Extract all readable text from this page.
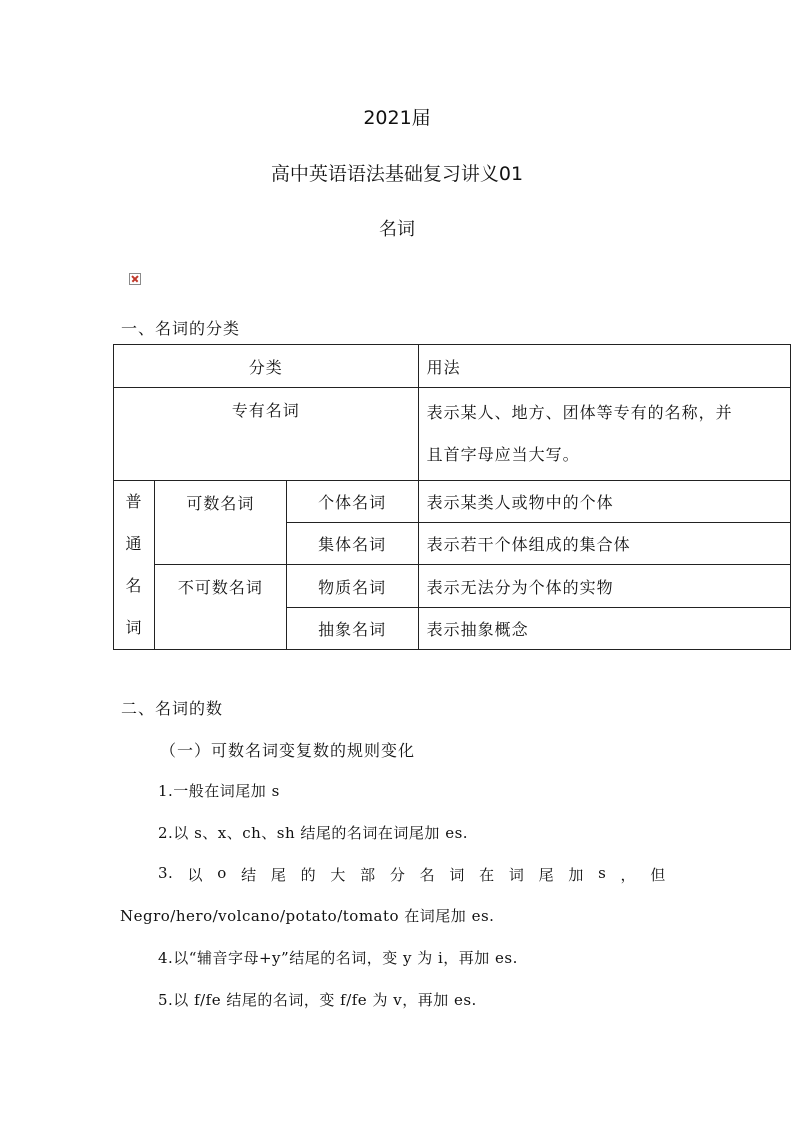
2021届
高中英语语法基础复习讲义01
名词
一、名词的分类
分类			用法
专有名词			表示某人、地方、团体等专有的名称，并
且首字母应当大写。

普
通
名
词	可数名词	个体名词	表示某类人或物中的个体
		集体名词	表示若干个体组成的集合体
	不可数名词	物质名词	表示无法分为个体的实物
		抽象名词	表示抽象概念
二、名词的数
（一）可数名词变复数的规则变化
1.一般在词尾加 s
2.以 s、x、ch、sh 结尾的名词在词尾加 es.
3. 以 o 结 尾 的 大 部 分 名 词 在 词 尾 加 s ， 但
Negro/hero/volcano/potato/tomato 在词尾加 es.
4.以“辅音字母+y”结尾的名词，变 y 为 i，再加 es.
5.以 f/fe 结尾的名词，变 f/fe 为 v，再加 es.
